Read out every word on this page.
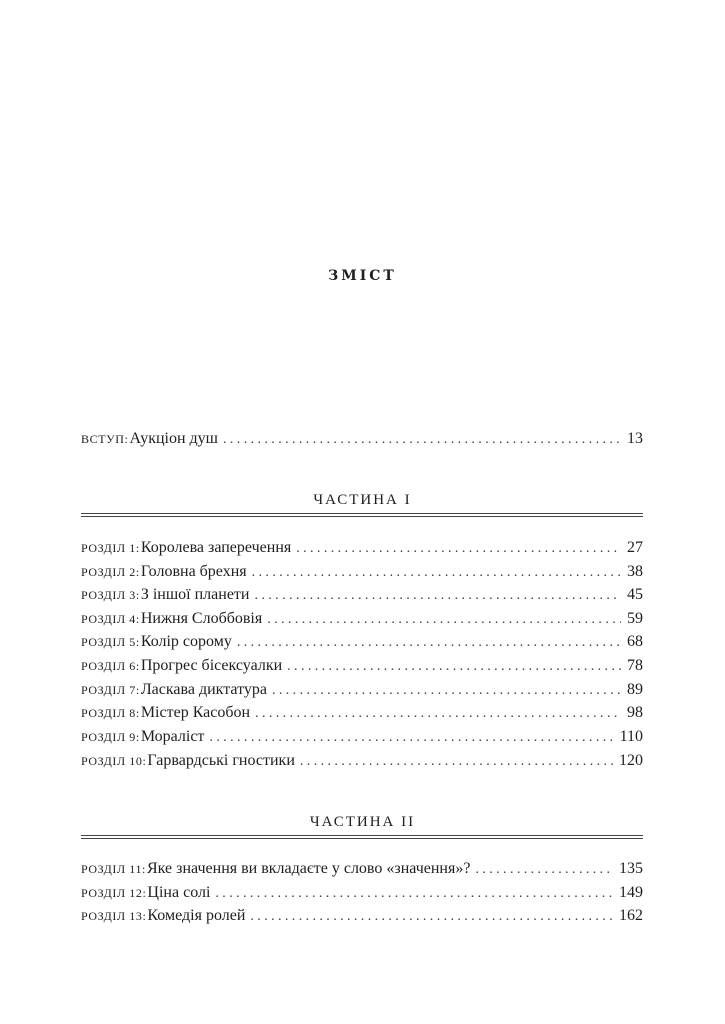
ЗМІСТ
ВСТУП: Аукціон душ .....	13
ЧАСТИНА I
РОЗДІЛ 1: Королева заперечення .....	27
РОЗДІЛ 2: Головна брехня .....	38
РОЗДІЛ 3: З іншої планети .....	45
РОЗДІЛ 4: Нижня Слоббовія .....	59
РОЗДІЛ 5: Колір сорому .....	68
РОЗДІЛ 6: Прогрес бісексуалки .....	78
РОЗДІЛ 7: Ласкава диктатура .....	89
РОЗДІЛ 8: Містер Касобон .....	98
РОЗДІЛ 9: Мораліст .....	110
РОЗДІЛ 10: Гарвардські гностики .....	120
ЧАСТИНА II
РОЗДІЛ 11: Яке значення ви вкладаєте у слово «значення»? .....	135
РОЗДІЛ 12: Ціна солі .....	149
РОЗДІЛ 13: Комедія ролей .....	162
